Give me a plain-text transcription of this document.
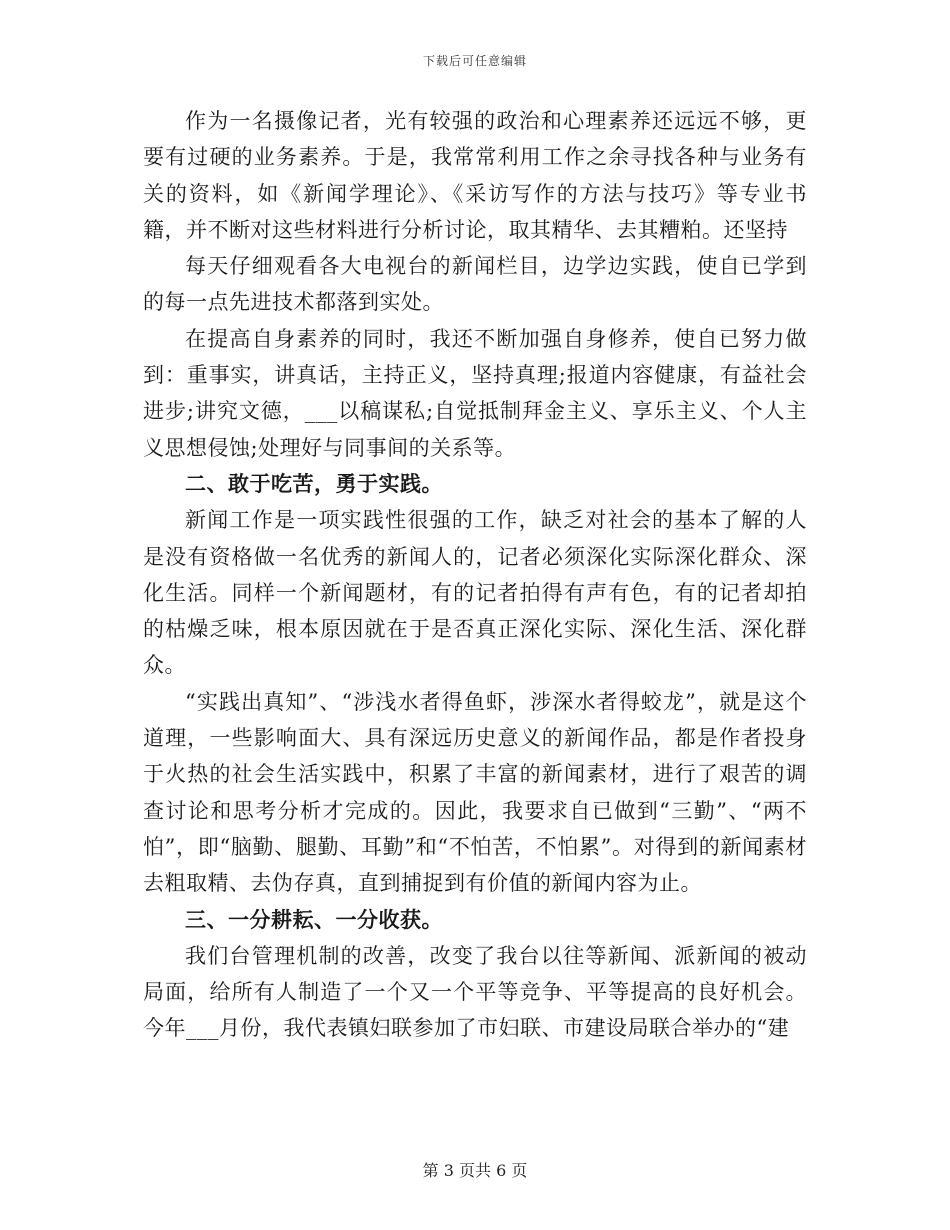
下载后可任意编辑

作为一名摄像记者，光有较强的政治和心理素养还远远不够，更要有过硬的业务素养。于是，我常常利用工作之余寻找各种与业务有关的资料，如《新闻学理论》、《采访写作的方法与技巧》等专业书籍，并不断对这些材料进行分析讨论，取其精华、去其糟粕。还坚持

每天仔细观看各大电视台的新闻栏目，边学边实践，使自已学到的每一点先进技术都落到实处。

在提高自身素养的同时，我还不断加强自身修养，使自已努力做到：重事实，讲真话，主持正义，坚持真理;报道内容健康，有益社会进步;讲究文德，___以稿谋私;自觉抵制拜金主义、享乐主义、个人主义思想侵蚀;处理好与同事间的关系等。

二、敢于吃苦，勇于实践。

新闻工作是一项实践性很强的工作，缺乏对社会的基本了解的人是没有资格做一名优秀的新闻人的，记者必须深化实际深化群众、深化生活。同样一个新闻题材，有的记者拍得有声有色，有的记者却拍的枯燥乏味，根本原因就在于是否真正深化实际、深化生活、深化群众。

“实践出真知”、“涉浅水者得鱼虾，涉深水者得蛟龙”，就是这个道理，一些影响面大、具有深远历史意义的新闻作品，都是作者投身于火热的社会生活实践中，积累了丰富的新闻素材，进行了艰苦的调查讨论和思考分析才完成的。因此，我要求自已做到“三勤”、“两不怕”，即“脑勤、腿勤、耳勤”和“不怕苦，不怕累”。对得到的新闻素材去粗取精、去伪存真，直到捕捉到有价值的新闻内容为止。

三、一分耕耘、一分收获。

我们台管理机制的改善，改变了我台以往等新闻、派新闻的被动局面，给所有人制造了一个又一个平等竞争、平等提高的良好机会。今年___月份，我代表镇妇联参加了市妇联、市建设局联合举办的“建

第 3 页共 6 页
